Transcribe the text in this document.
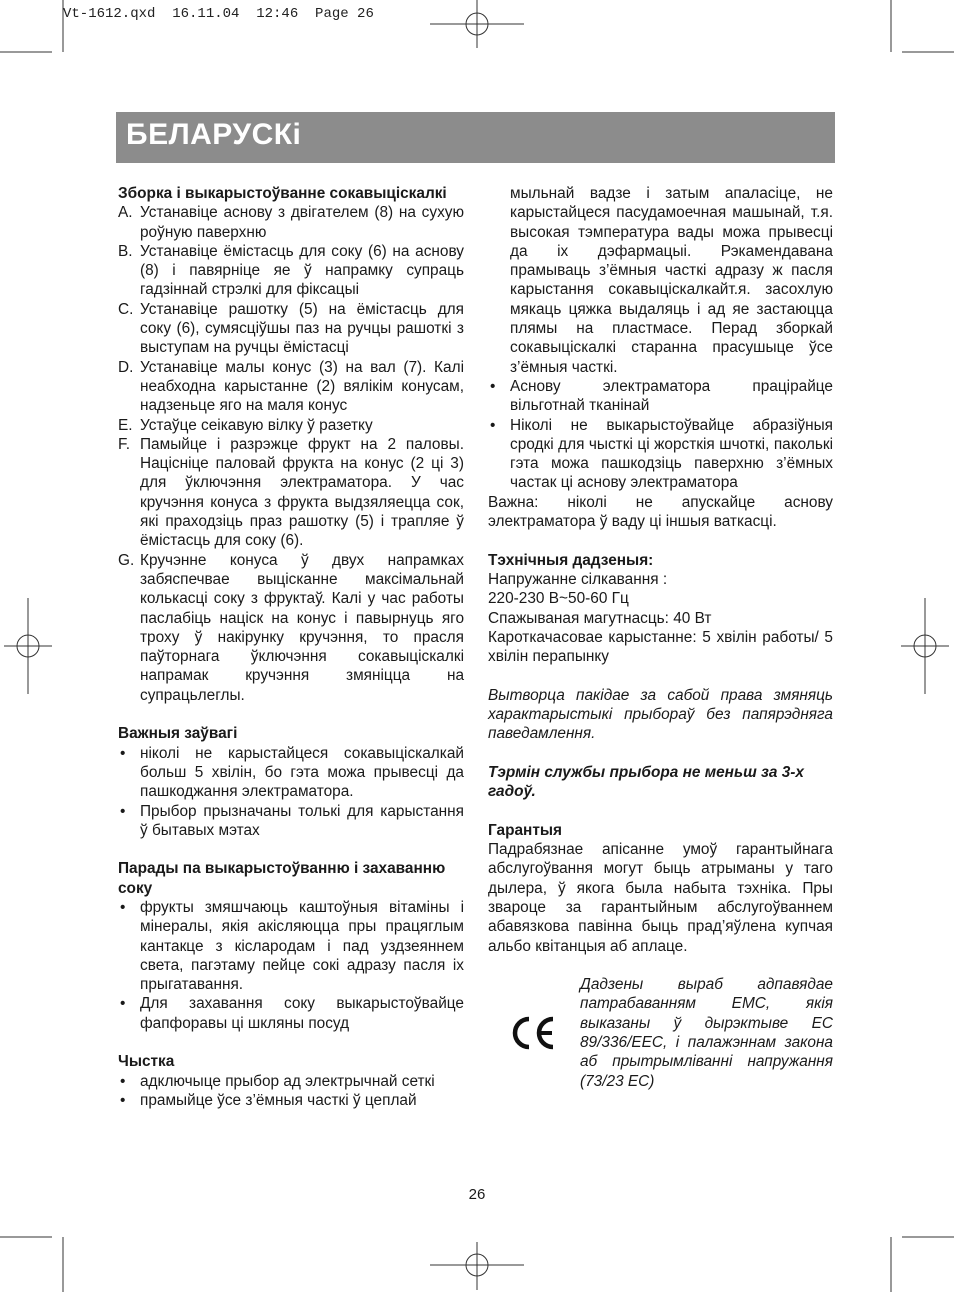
Vt-1612.qxd  16.11.04  12:46  Page 26
БЕЛАРУСКі
Зборка і выкарыстоўванне сокавыцiскалкi
A. Устанавiце аснову з двiгaтелем (8) на сухую роўную паверхню
B. Устанавiце ёмiстасць для соку (6) на аснову (8) i павярнiце яе ў напрамку супраць гадзiннай стрэлкi для фiксацыi
C. Устанавiце рашотку (5) на ёмiстасць для соку (6), сумясцiўшы паз на ручцы рашоткi з выступам на ручцы ёмiстасцi
D. Устанавiце малы конус (3) на вал (7). Калi неабходна карыстанне (2) вялiкiм конусам, надзеньце яго на маля конус
E. Устаўце сеiкавую вiлку ў разетку
F. Памыйце i разрэжце фрукт на 2 паловы. Нацiснiце паловай фрукта на конус (2 цi 3) для ўключэння электраматора. У час кручэння конуса з фрукта выдзяляецца сок, якi праходзiць праз рашотку (5) i трапляе ў ёмiстасць для соку (6).
G. Кручэнне конуса ў двух напрамках забяспечвае выцiсканне максiмальнай колькасцi соку з фруктаў. Калi у час работы паслабiць нацiск на конус i павырнуць яго троху ў накiрунку кручэння, то прасля паўторнага ўключэння сокавыцiскалкi напрамак кручэння змянiцца на супрацьлеглы.
Важныя заўвагi
• нiколi не карыстайцеся сокавыцiскалкай больш 5 хвiлiн, бо гэта можа прывесцi да пашкоджання электраматора.
• Прыбор прызначаны толькi для карыстання ў бытавых мэтах
Парады па выкарыстоўванню i захаванню соку
• фрукты змяшчаюць каштоўныя вiтамiны i мiнералы, якiя акiсляюцца пры працяглым кантакце з кiсларoдам i пад уздзеяннем света, пагэтаму пейце сокi адразу пасля iх прыгатавання.
• Для захавання соку выкарыстоўвайце фапфоравы цi шкляны посуд
Чыстка
• адключыце прыбор ад электрычнай сеткi
• прамыйце ўсе з’ёмныя часткi ў цеплай
мыльнай вадзе i затым апаласiце, не карыстайцеся пасудамоечная машынай, т.я. высокая тэмпература вады можа прывесцi да iх дэфармацыi. Рэкамендавана прамываць з’ёмныя часткi адразу ж пасля карыстання сокавыцiскалкайт.я. засохлую мякаць цяжка выдаляць i ад яе застаюцца плямы на пластмасе. Перад зборкай сокавыцiскалкi старанна прасушыце ўсе з’ёмныя часткi.
• Аснову электраматора працiрайце вiльготнай тканiнай
• Нiколi не выкарыстоўвайце абразiўныя сродкi для чысткi цi жорсткiя шчоткi, паколькi гэта можа пашкодзiць паверхню з’ёмных частак цi аснову электраматора
Важна: нiколi не апускайце аснову электраматора ў ваду цi iншыя ваткасцi.
Тэхнiчныя дадзеныя:
Напружанне сiлкавання :
220-230 В~50-60 Гц
Спажываная магутнасць: 40 Вт
Кароткачасовае карыстанне: 5 хвiлiн работы/ 5 хвiлiн перапынку
Вытворца пакiдае за сабой права змяняць характарыстыкi прыбораў без папярэдняга паведамлення.
Тэрмiн службы прыбора не меньш за 3-х гадоў.
Гарантыя
Падрабязнае апiсанне умоў гарантыйнага абслугоўвання могут быць атрыманы у таго дылера, ў якога была набыта тэхнiка. Пры звароце за гарантыйным абслугоўваннем абавязкова павiнна быць прад’яўлена купчая альбо квiтанцыя аб аплаце.
Дадзены выраб адпавядае патрабаванням EMC, якiя выказаны ў дырэктыве EC 89/336/EEC, i палажэннам закона аб прытрымлiваннi напружання (73/23 EC)
26
